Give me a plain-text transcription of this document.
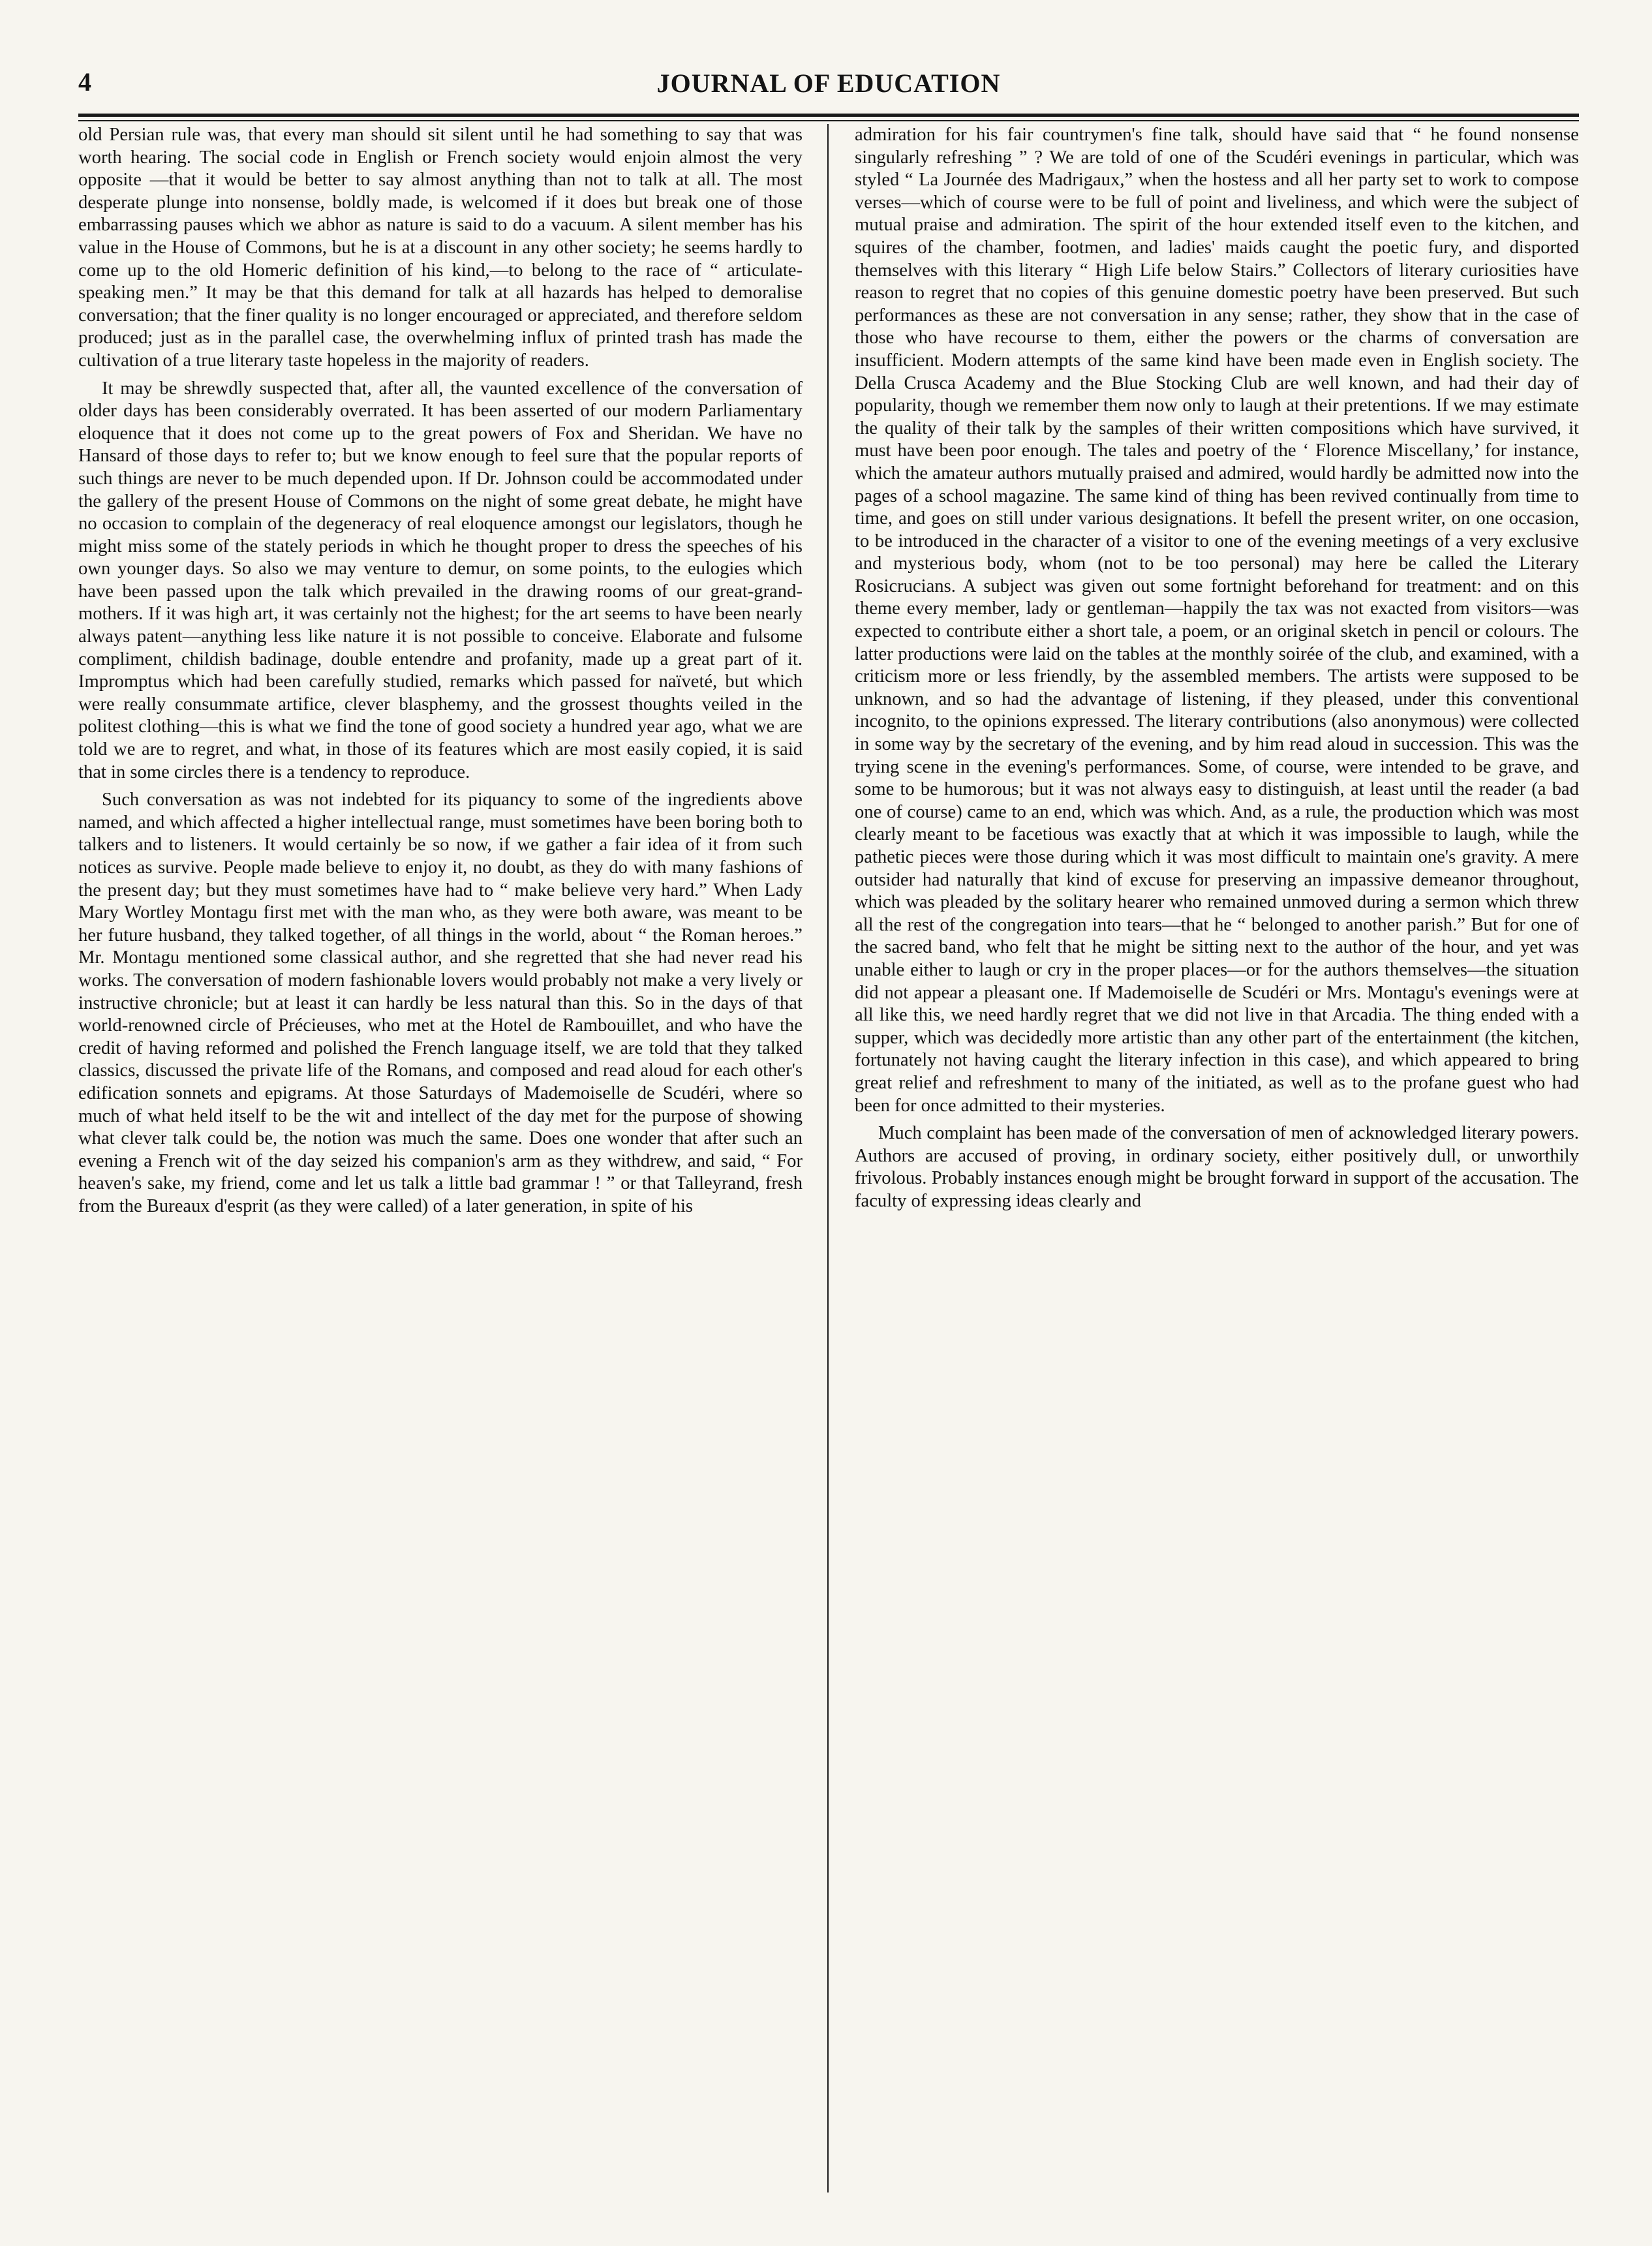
4	JOURNAL OF EDUCATION

old Persian rule was, that every man should sit silent until he had something to say that was worth hearing. The social code in English or French society would enjoin almost the very opposite —that it would be better to say almost anything than not to talk at all. The most desperate plunge into nonsense, boldly made, is welcomed if it does but break one of those embarrassing pauses which we abhor as nature is said to do a vacuum. A silent member has his value in the House of Commons, but he is at a discount in any other society; he seems hardly to come up to the old Homeric definition of his kind,—to belong to the race of “ articulate-speaking men.” It may be that this demand for talk at all hazards has helped to demoralise conversation; that the finer quality is no longer encouraged or appreciated, and therefore seldom produced; just as in the parallel case, the overwhelming influx of printed trash has made the cultivation of a true literary taste hopeless in the majority of readers.

It may be shrewdly suspected that, after all, the vaunted excellence of the conversation of older days has been considerably overrated. It has been asserted of our modern Parliamentary eloquence that it does not come up to the great powers of Fox and Sheridan. We have no Hansard of those days to refer to; but we know enough to feel sure that the popular reports of such things are never to be much depended upon. If Dr. Johnson could be accommodated under the gallery of the present House of Commons on the night of some great debate, he might have no occasion to complain of the degeneracy of real eloquence amongst our legislators, though he might miss some of the stately periods in which he thought proper to dress the speeches of his own younger days. So also we may venture to demur, on some points, to the eulogies which have been passed upon the talk which prevailed in the drawing rooms of our great-grand-mothers. If it was high art, it was certainly not the highest; for the art seems to have been nearly always patent—anything less like nature it is not possible to conceive. Elaborate and fulsome compliment, childish badinage, double entendre and profanity, made up a great part of it. Impromptus which had been carefully studied, remarks which passed for naïveté, but which were really consummate artifice, clever blasphemy, and the grossest thoughts veiled in the politest clothing—this is what we find the tone of good society a hundred year ago, what we are told we are to regret, and what, in those of its features which are most easily copied, it is said that in some circles there is a tendency to reproduce.

Such conversation as was not indebted for its piquancy to some of the ingredients above named, and which affected a higher intellectual range, must sometimes have been boring both to talkers and to listeners. It would certainly be so now, if we gather a fair idea of it from such notices as survive. People made believe to enjoy it, no doubt, as they do with many fashions of the present day; but they must sometimes have had to “ make believe very hard.” When Lady Mary Wortley Montagu first met with the man who, as they were both aware, was meant to be her future husband, they talked together, of all things in the world, about “ the Roman heroes.” Mr. Montagu mentioned some classical author, and she regretted that she had never read his works. The conversation of modern fashionable lovers would probably not make a very lively or instructive chronicle; but at least it can hardly be less natural than this. So in the days of that world-renowned circle of Précieuses, who met at the Hotel de Rambouillet, and who have the credit of having reformed and polished the French language itself, we are told that they talked classics, discussed the private life of the Romans, and composed and read aloud for each other's edification sonnets and epigrams. At those Saturdays of Mademoiselle de Scudéri, where so much of what held itself to be the wit and intellect of the day met for the purpose of showing what clever talk could be, the notion was much the same. Does one wonder that after such an evening a French wit of the day seized his companion's arm as they withdrew, and said, “ For heaven's sake, my friend, come and let us talk a little bad grammar ! ” or that Talleyrand, fresh from the Bureaux d'esprit (as they were called) of a later generation, in spite of his

admiration for his fair countrymen's fine talk, should have said that “ he found nonsense singularly refreshing ” ? We are told of one of the Scudéri evenings in particular, which was styled “ La Journée des Madrigaux,” when the hostess and all her party set to work to compose verses—which of course were to be full of point and liveliness, and which were the subject of mutual praise and admiration. The spirit of the hour extended itself even to the kitchen, and squires of the chamber, footmen, and ladies' maids caught the poetic fury, and disported themselves with this literary “ High Life below Stairs.” Collectors of literary curiosities have reason to regret that no copies of this genuine domestic poetry have been preserved. But such performances as these are not conversation in any sense; rather, they show that in the case of those who have recourse to them, either the powers or the charms of conversation are insufficient. Modern attempts of the same kind have been made even in English society. The Della Crusca Academy and the Blue Stocking Club are well known, and had their day of popularity, though we remember them now only to laugh at their pretentions. If we may estimate the quality of their talk by the samples of their written compositions which have survived, it must have been poor enough. The tales and poetry of the ‘ Florence Miscellany,’ for instance, which the amateur authors mutually praised and admired, would hardly be admitted now into the pages of a school magazine. The same kind of thing has been revived continually from time to time, and goes on still under various designations. It befell the present writer, on one occasion, to be introduced in the character of a visitor to one of the evening meetings of a very exclusive and mysterious body, whom (not to be too personal) may here be called the Literary Rosicrucians. A subject was given out some fortnight beforehand for treatment: and on this theme every member, lady or gentleman—happily the tax was not exacted from visitors—was expected to contribute either a short tale, a poem, or an original sketch in pencil or colours. The latter productions were laid on the tables at the monthly soirée of the club, and examined, with a criticism more or less friendly, by the assembled members. The artists were supposed to be unknown, and so had the advantage of listening, if they pleased, under this conventional incognito, to the opinions expressed. The literary contributions (also anonymous) were collected in some way by the secretary of the evening, and by him read aloud in succession. This was the trying scene in the evening's performances. Some, of course, were intended to be grave, and some to be humorous; but it was not always easy to distinguish, at least until the reader (a bad one of course) came to an end, which was which. And, as a rule, the production which was most clearly meant to be facetious was exactly that at which it was impossible to laugh, while the pathetic pieces were those during which it was most difficult to maintain one's gravity. A mere outsider had naturally that kind of excuse for preserving an impassive demeanor throughout, which was pleaded by the solitary hearer who remained unmoved during a sermon which threw all the rest of the congregation into tears—that he “ belonged to another parish.” But for one of the sacred band, who felt that he might be sitting next to the author of the hour, and yet was unable either to laugh or cry in the proper places—or for the authors themselves—the situation did not appear a pleasant one. If Mademoiselle de Scudéri or Mrs. Montagu's evenings were at all like this, we need hardly regret that we did not live in that Arcadia. The thing ended with a supper, which was decidedly more artistic than any other part of the entertainment (the kitchen, fortunately not having caught the literary infection in this case), and which appeared to bring great relief and refreshment to many of the initiated, as well as to the profane guest who had been for once admitted to their mysteries.

Much complaint has been made of the conversation of men of acknowledged literary powers. Authors are accused of proving, in ordinary society, either positively dull, or unworthily frivolous. Probably instances enough might be brought forward in support of the accusation. The faculty of expressing ideas clearly and
